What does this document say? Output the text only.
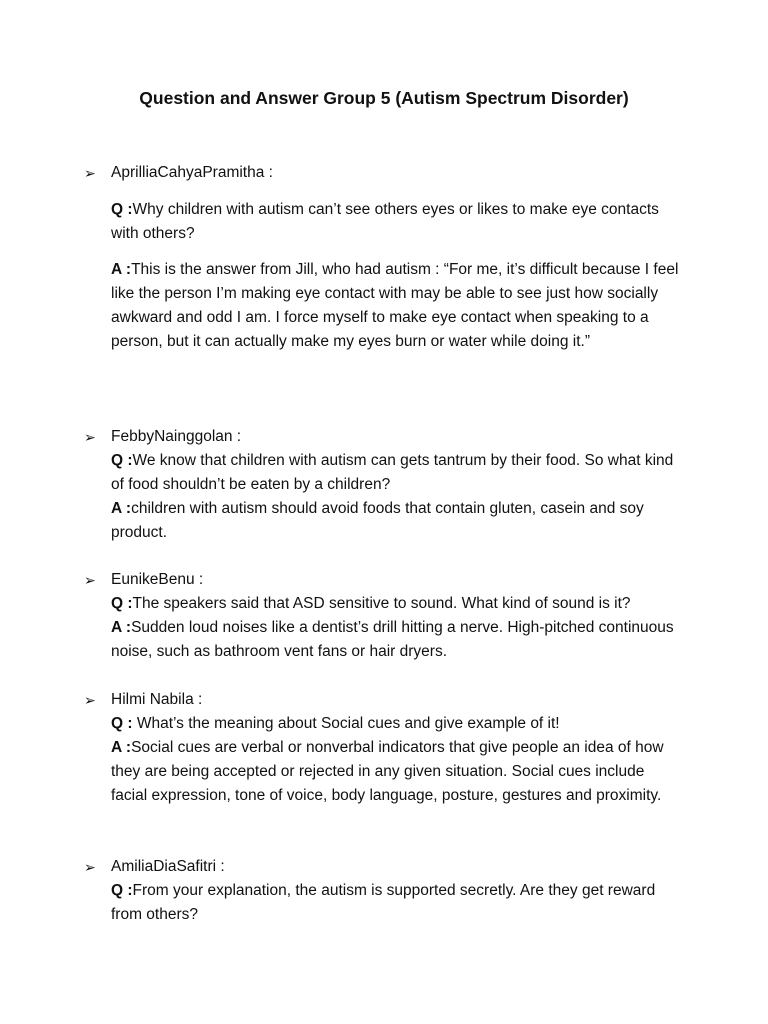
Question and Answer Group 5 (Autism Spectrum Disorder)
➢ AprilliaCahyaPramitha :
Q :Why children with autism can’t see others eyes or likes to make eye contacts with others?
A :This is the answer from Jill, who had autism : “For me, it’s difficult because I feel like the person I’m making eye contact with may be able to see just how socially awkward and odd I am. I force myself to make eye contact when speaking to a person, but it can actually make my eyes burn or water while doing it.”
➢ FebbyNainggolan :
Q :We know that children with autism can gets tantrum by their food. So what kind of food shouldn’t be eaten by a children?
A :children with autism should avoid foods that contain gluten, casein and soy product.
➢ EunikeBenu :
Q :The speakers said that ASD sensitive to sound. What kind of sound is it?
A :Sudden loud noises like a dentist’s drill hitting a nerve. High-pitched continuous noise, such as bathroom vent fans or hair dryers.
➢ Hilmi Nabila :
Q : What’s the meaning about Social cues and give example of it!
A :Social cues are verbal or nonverbal indicators that give people an idea of how they are being accepted or rejected in any given situation. Social cues include facial expression, tone of voice, body language, posture, gestures and proximity.
➢ AmiliaDiaSafitri :
Q :From your explanation, the autism is supported secretly. Are they get reward from others?
